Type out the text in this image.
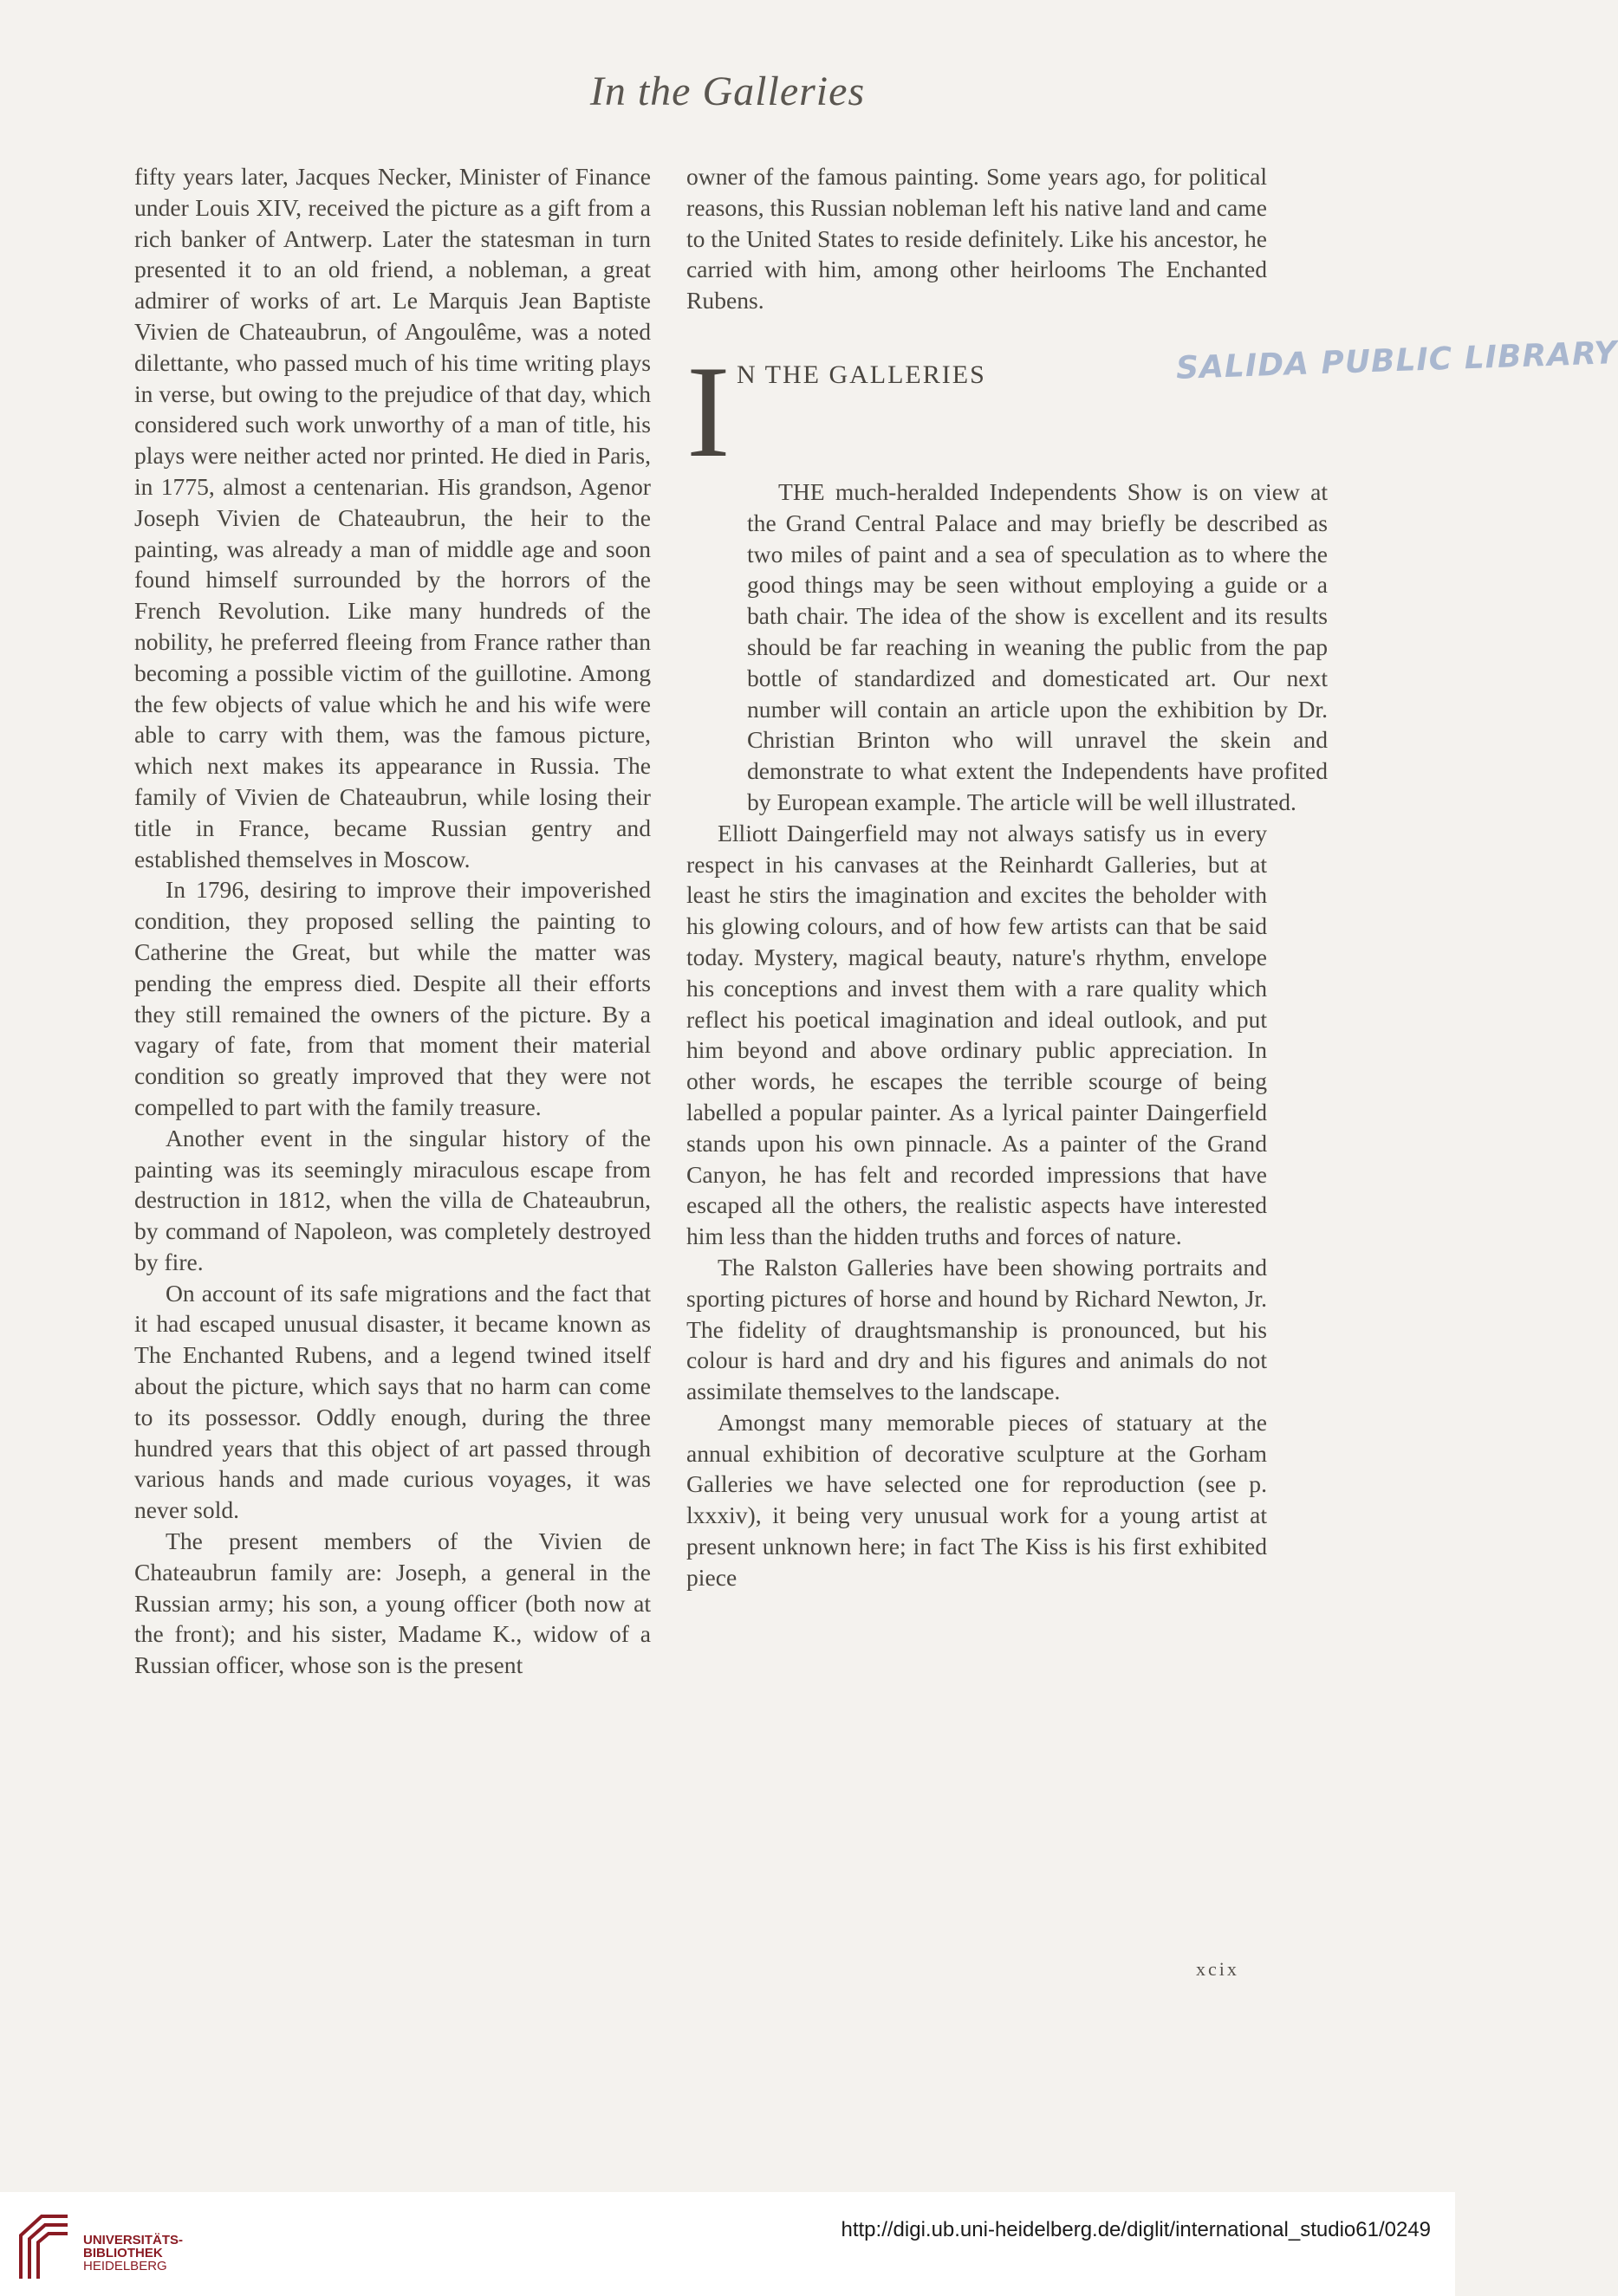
In the Galleries

fifty years later, Jacques Necker, Minister of Finance under Louis XIV, received the picture as a gift from a rich banker of Antwerp. Later the statesman in turn presented it to an old friend, a nobleman, a great admirer of works of art. Le Marquis Jean Baptiste Vivien de Chateaubrun, of Angoulême, was a noted dilettante, who passed much of his time writing plays in verse, but owing to the prejudice of that day, which considered such work unworthy of a man of title, his plays were neither acted nor printed. He died in Paris, in 1775, almost a centenarian. His grandson, Agenor Joseph Vivien de Chateaubrun, the heir to the painting, was already a man of middle age and soon found himself surrounded by the horrors of the French Revolution. Like many hundreds of the nobility, he preferred fleeing from France rather than becoming a possible victim of the guillotine. Among the few objects of value which he and his wife were able to carry with them, was the famous picture, which next makes its appearance in Russia. The family of Vivien de Chateaubrun, while losing their title in France, became Russian gentry and established themselves in Moscow.

In 1796, desiring to improve their impoverished condition, they proposed selling the painting to Catherine the Great, but while the matter was pending the empress died. Despite all their efforts they still remained the owners of the picture. By a vagary of fate, from that moment their material condition so greatly improved that they were not compelled to part with the family treasure.

Another event in the singular history of the painting was its seemingly miraculous escape from destruction in 1812, when the villa de Chateaubrun, by command of Napoleon, was completely destroyed by fire.

On account of its safe migrations and the fact that it had escaped unusual disaster, it became known as The Enchanted Rubens, and a legend twined itself about the picture, which says that no harm can come to its possessor. Oddly enough, during the three hundred years that this object of art passed through various hands and made curious voyages, it was never sold.

The present members of the Vivien de Chateaubrun family are: Joseph, a general in the Russian army; his son, a young officer (both now at the front); and his sister, Madame K., widow of a Russian officer, whose son is the present

owner of the famous painting. Some years ago, for political reasons, this Russian nobleman left his native land and came to the United States to reside definitely. Like his ancestor, he carried with him, among other heirlooms The Enchanted Rubens.

I N THE GALLERIES	SALIDA PUBLIC LIBRARY

THE much-heralded Independents Show is on view at the Grand Central Palace and may briefly be described as two miles of paint and a sea of speculation as to where the good things may be seen without employing a guide or a bath chair. The idea of the show is excellent and its results should be far reaching in weaning the public from the pap bottle of standardized and domesticated art. Our next number will contain an article upon the exhibition by Dr. Christian Brinton who will unravel the skein and demonstrate to what extent the Independents have profited by European example. The article will be well illustrated.

Elliott Daingerfield may not always satisfy us in every respect in his canvases at the Reinhardt Galleries, but at least he stirs the imagination and excites the beholder with his glowing colours, and of how few artists can that be said today. Mystery, magical beauty, nature's rhythm, envelope his conceptions and invest them with a rare quality which reflect his poetical imagination and ideal outlook, and put him beyond and above ordinary public appreciation. In other words, he escapes the terrible scourge of being labelled a popular painter. As a lyrical painter Daingerfield stands upon his own pinnacle. As a painter of the Grand Canyon, he has felt and recorded impressions that have escaped all the others, the realistic aspects have interested him less than the hidden truths and forces of nature.

The Ralston Galleries have been showing portraits and sporting pictures of horse and hound by Richard Newton, Jr. The fidelity of draughtsmanship is pronounced, but his colour is hard and dry and his figures and animals do not assimilate themselves to the landscape.

Amongst many memorable pieces of statuary at the annual exhibition of decorative sculpture at the Gorham Galleries we have selected one for reproduction (see p. lxxxiv), it being very unusual work for a young artist at present unknown here; in fact The Kiss is his first exhibited piece

xcix
UNIVERSITÄTS-
BIBLIOTHEK
HEIDELBERG
http://digi.ub.uni-heidelberg.de/diglit/international_studio61/0249
